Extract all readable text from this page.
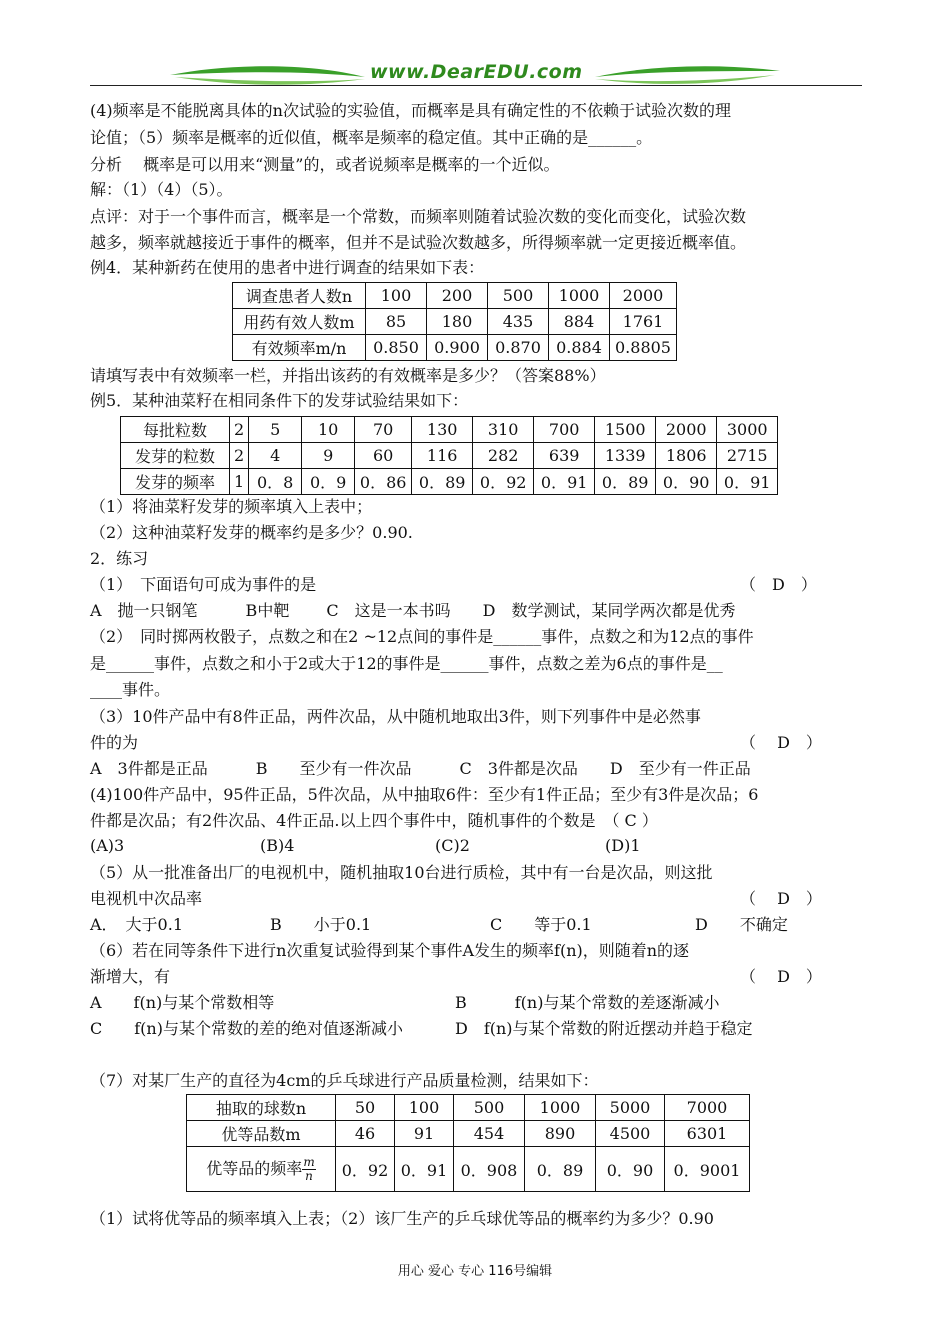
www.DearEDU.com
(4)频率是不能脱离具体的n次试验的实验值，而概率是具有确定性的不依赖于试验次数的理
论值；（5）频率是概率的近似值，概率是频率的稳定值。其中正确的是______。
分析　 概率是可以用来“测量”的，或者说频率是概率的一个近似。
解：（1）（4）（5）。
点评：对于一个事件而言，概率是一个常数，而频率则随着试验次数的变化而变化，试验次数
越多，频率就越接近于事件的概率，但并不是试验次数越多，所得频率就一定更接近概率值。
例4．某种新药在使用的患者中进行调查的结果如下表：
调查患者人数n	100	200	500	1000	2000
用药有效人数m	85	180	435	884	1761
有效频率m/n	0.850	0.900	0.870	0.884	0.8805
请填写表中有效频率一栏，并指出该药的有效概率是多少？（答案88%）
例5．某种油菜籽在相同条件下的发芽试验结果如下：
每批粒数	2	5	10	70	130	310	700	1500	2000	3000
发芽的粒数	2	4	9	60	116	282	639	1339	1806	2715
发芽的频率	1	0．8	0．9	0．86	0．89	0．92	0．91	0．89	0．90	0．91
（1）将油菜籽发芽的频率填入上表中；
（2）这种油菜籽发芽的概率约是多少？0.90.
2．练习
（1）　下面语句可成为事件的是	（　D　）
A　抛一只钢笔　　　B中靶　　 C　这是一本书吗　　D　数学测试，某同学两次都是优秀
（2）　同时掷两枚骰子，点数之和在2 ~12点间的事件是______事件，点数之和为12点的事件
是______事件，点数之和小于2或大于12的事件是______事件，点数之差为6点的事件是__
____事件。
（3）10件产品中有8件正品，两件次品，从中随机地取出3件，则下列事件中是必然事
件的为	（　 D　）
A　3件都是正品　　　B　　至少有一件次品　　　C　3件都是次品　　D　至少有一件正品
(4)100件产品中，95件正品，5件次品，从中抽取6件：至少有1件正品；至少有3件是次品；6
件都是次品；有2件次品、4件正品.以上四个事件中，随机事件的个数是　（ C ）
(A)3	(B)4	(C)2	(D)1
（5）从一批准备出厂的电视机中，随机抽取10台进行质检，其中有一台是次品，则这批
电视机中次品率	（　 D　）
A．　大于0.1	B　　小于0.1	C　　等于0.1	D　　不确定
（6）若在同等条件下进行n次重复试验得到某个事件A发生的频率f(n)，则随着n的逐
渐增大，有	（　 D　）
A　　f(n)与某个常数相等	B　　　f(n)与某个常数的差逐渐减小
C　　f(n)与某个常数的差的绝对值逐渐减小	D　f(n)与某个常数的附近摆动并趋于稳定
（7）对某厂生产的直径为4cm的乒乓球进行产品质量检测，结果如下：
抽取的球数n	50	100	500	1000	5000	7000
优等品数m	46	91	454	890	4500	6301
优等品的频率 $\frac{m}{n}$	0．92	0．91	0．908	0．89	0．90	0．9001
（1）试将优等品的频率填入上表；（2）该厂生产的乒乓球优等品的概率约为多少？0.90
用心 爱心 专心 116号编辑
